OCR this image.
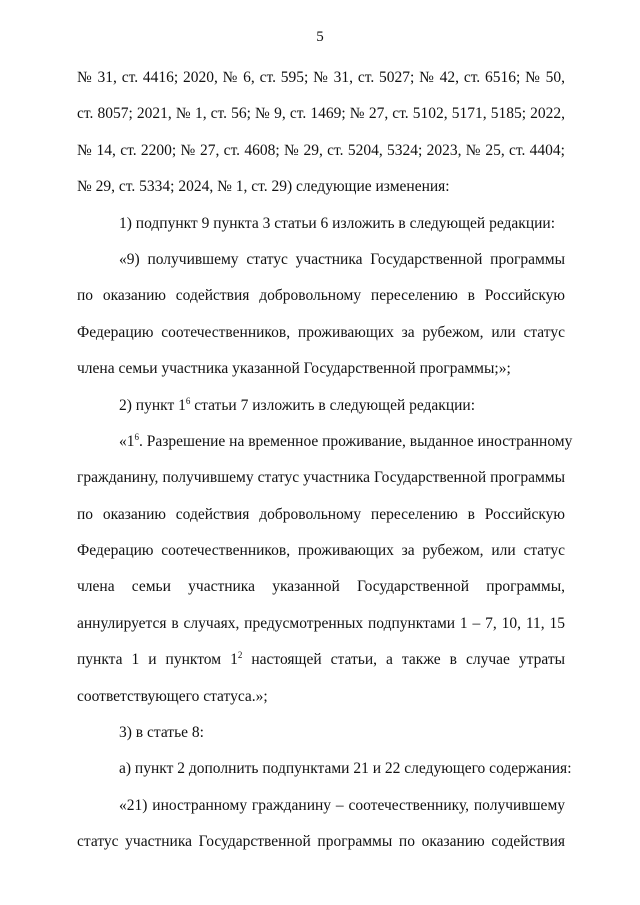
5
№ 31, ст. 4416; 2020, № 6, ст. 595; № 31, ст. 5027; № 42, ст. 6516; № 50,
ст. 8057; 2021, № 1, ст. 56; № 9, ст. 1469; № 27, ст. 5102, 5171, 5185; 2022,
№ 14, ст. 2200; № 27, ст. 4608; № 29, ст. 5204, 5324; 2023, № 25, ст. 4404;
№ 29, ст. 5334; 2024, № 1, ст. 29) следующие изменения:
1) подпункт 9 пункта 3 статьи 6 изложить в следующей редакции:
«9) получившему статус участника Государственной программы
по оказанию содействия добровольному переселению в Российскую
Федерацию соотечественников, проживающих за рубежом, или статус
члена семьи участника указанной Государственной программы;»;
2) пункт $1^6$ статьи 7 изложить в следующей редакции:
«$1^6$. Разрешение на временное проживание, выданное иностранному
гражданину, получившему статус участника Государственной программы
по оказанию содействия добровольному переселению в Российскую
Федерацию соотечественников, проживающих за рубежом, или статус
члена семьи участника указанной Государственной программы,
аннулируется в случаях, предусмотренных подпунктами 1 – 7, 10, 11, 15
пункта 1 и пунктом $1^2$ настоящей статьи, а также в случае утраты
соответствующего статуса.»;
3) в статье 8:
а) пункт 2 дополнить подпунктами 21 и 22 следующего содержания:
«21) иностранному гражданину – соотечественнику, получившему
статус участника Государственной программы по оказанию содействия
